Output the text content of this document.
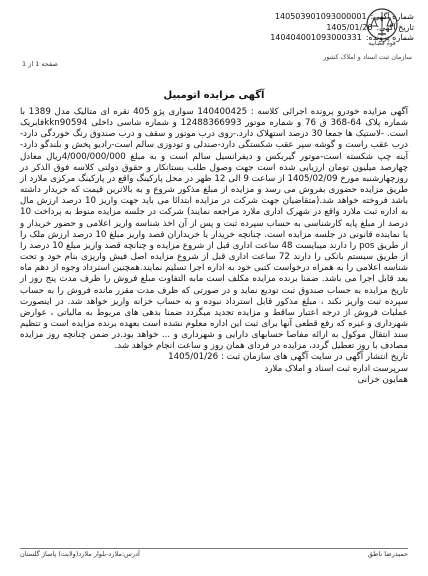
قوه قضاییه
سازمان ثبت اسناد و املاک کشور
شماره آگهی:
140503901093000001
تاریخ آگهی:
1405/01/26
شماره پرونده:
140404001093000331
صفحه 1 از 1
آگهی مزایده اتومبیل
آگهی مزایده خودرو پرونده اجرائی کلاسه : 140400425 سواری پژو 405 نقره ای متالیک مدل 1389 با شماره پلاک 64-368 ق 76 و شماره موتور 12488366993 و شماره شاسی داخلی kkn90594فابریک است. -لاستیک ها جمعا 30 درصد استهلاک دارد.-روی درب موتور و سقف و درب صندوق رنگ خوردگی دارد-درب عقب راست و گوشه سپر عقب شکستگی دارد-صندلی و تودوزی سالم است-رادیو پخش و بلندگو دارد-آینه چپ شکسته است-موتور گیربکس و دیفرانسیل سالم است و به مبلغ 4/000/000/000ریال معادل چهارصد میلیون تومان ارزیابی شده است جهت وصول طلب بستانکار و حقوق دولتی کلاسه فوق الذکر در روزچهارشنبه مورخ 1405/02/09 از ساعت 9 الی 12 ظهر در محل پارکینگ واقع در پارکینگ مرکزی ملارد از طریق مزایده حضوری بفروش می رسد و مزایده از مبلغ مذکور شروع و به بالاترین قیمت که خریدار داشته باشد فروخته خواهد شد.(متقاضیان جهت شرکت در مزایده ابتدائا می باید جهت واریز 10 درصد ارزش مال به اداره ثبت ملارد واقع در شهرک اداری ملارد مراجعه نمایند) شرکت در جلسه مزایده منوط به پرداخت 10 درصد از مبلغ پایه کارشناسی به حساب سپرده ثبت و پس از آن اخذ شناسه واریز اعلامی و حضور خریدار و یا نماینده قانونی در جلسه مزایده است. چنانچه خریدار یا خریداران قصد واریز مبلغ 10 درصد ارزش ملک را از طریق pos را دارند میبایست 48 ساعت اداری قبل از شروع مزایده و چنانچه قصد واریز مبلغ 10 درصد را از طریق سیستم بانکی را دارند 72 ساعت اداری قبل از شروع مزایده اصل فیش واریزی بنام خود و تحت شناسه اعلامی را به همراه درخواست کتبی خود به اداره اجرا تسلیم نمایند.همچنین استرداد وجوه از دهم ماه بعد قابل اجرا می باشد. ضمنا برنده مزایده مکلف است مابه التفاوت مبلغ فروش را ظرف مدت پنج روز از تاریخ مزایده به حساب صندوق ثبت تودیع نماید و در صورتی که ظرف مدت مقرر مانده فروش را به حساب سپرده ثبت واریز نکند ، مبلغ مذکور قابل استرداد نبوده و به حساب خزانه واریز خواهد شد. در اینصورت عملیات فروش از درجه اعتبار ساقط و مزایده تجدید میگردد ضمنا بدهی های مربوط به مالیاتی ، عوارض شهرداری و غیره که رفع قطعی آنها برای ثبت این اداره معلوم نشده است بعهده برنده مزایده است و تنظیم سند انتقال موکول به ارائه مفاصا حسابهای دارایی و شهرداری و ... خواهد بود.در ضمن چنانچه روز مزایده مصادف با روز تعطیل گردد، مزایده در فردای همان روز و ساعت انجام خواهد شد.
تاریخ انتشار آگهی در سایت آگهی های سازمان ثبت : 1405/01/26
سرپرست اداره ثبت اسناد و املاک ملارد
همایون خرانی
حمیدرضا ناطق
آدرس:ملارد-بلوار ملارد(ولایت) پاساژ گلستان
